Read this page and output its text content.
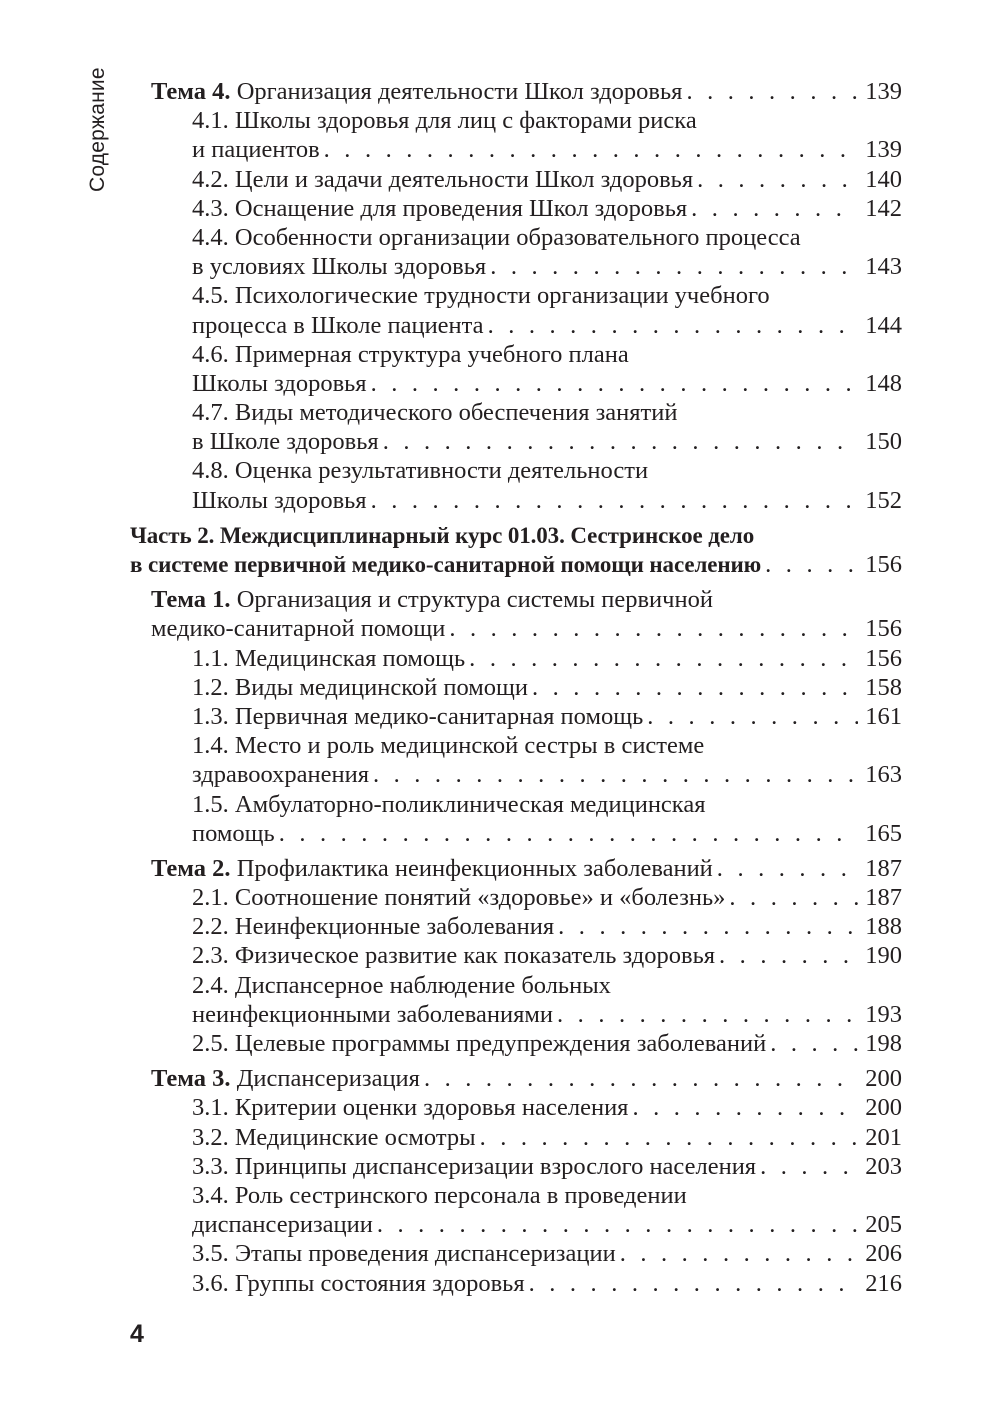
Содержание Тема 4. Организация деятельности Школ здоровья . . .	139
4.1. Школы здоровья для лиц с факторами риска
и пациентов . . .	139
4.2. Цели и задачи деятельности Школ здоровья . . .	140
4.3. Оснащение для проведения Школ здоровья . . .	142
4.4. Особенности организации образовательного процесса
в условиях Школы здоровья . . .	143
4.5. Психологические трудности организации учебного
процесса в Школе пациента . . .	144
4.6. Примерная структура учебного плана
Школы здоровья . . .	148
4.7. Виды методического обеспечения занятий
в Школе здоровья . . .	150
4.8. Оценка результативности деятельности
Школы здоровья . . .	152
Часть 2. Междисциплинарный курс 01.03. Сестринское дело
в системе первичной медико-санитарной помощи населению . . .	156
Тема 1. Организация и структура системы первичной
медико-санитарной помощи . . .	156
1.1. Медицинская помощь . . .	156
1.2. Виды медицинской помощи . . .	158
1.3. Первичная медико-санитарная помощь . . .	161
1.4. Место и роль медицинской сестры в системе
здравоохранения . . .	163
1.5. Амбулаторно-поликлиническая медицинская
помощь . . .	165
Тема 2. Профилактика неинфекционных заболеваний . . .	187
2.1. Соотношение понятий «здоровье» и «болезнь» . . .	187
2.2. Неинфекционные заболевания . . .	188
2.3. Физическое развитие как показатель здоровья . . .	190
2.4. Диспансерное наблюдение больных
неинфекционными заболеваниями . . .	193
2.5. Целевые программы предупреждения заболеваний . . .	198
Тема 3. Диспансеризация . . .	200
3.1. Критерии оценки здоровья населения . . .	200
3.2. Медицинские осмотры . . .	201
3.3. Принципы диспансеризации взрослого населения . . .	203
3.4. Роль сестринского персонала в проведении
диспансеризации . . .	205
3.5. Этапы проведения диспансеризации . . .	206
3.6. Группы состояния здоровья . . .	216
4
